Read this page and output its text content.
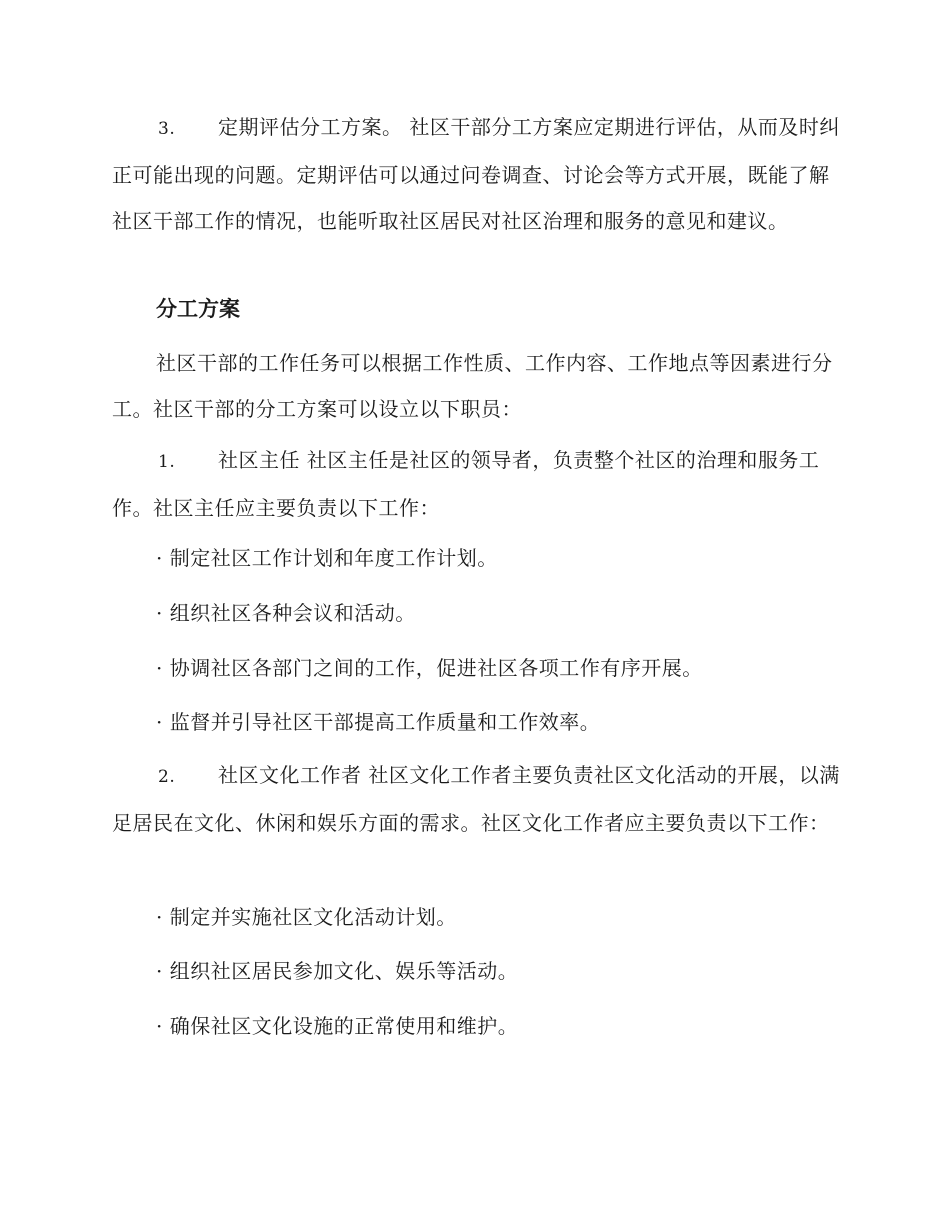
3. 定期评估分工方案。 社区干部分工方案应定期进行评估，从而及时纠正可能出现的问题。定期评估可以通过问卷调查、讨论会等方式开展，既能了解社区干部工作的情况，也能听取社区居民对社区治理和服务的意见和建议。

分工方案

社区干部的工作任务可以根据工作性质、工作内容、工作地点等因素进行分工。社区干部的分工方案可以设立以下职员：

1. 社区主任 社区主任是社区的领导者，负责整个社区的治理和服务工作。社区主任应主要负责以下工作：

· 制定社区工作计划和年度工作计划。

· 组织社区各种会议和活动。

· 协调社区各部门之间的工作，促进社区各项工作有序开展。

· 监督并引导社区干部提高工作质量和工作效率。

2. 社区文化工作者 社区文化工作者主要负责社区文化活动的开展，以满足居民在文化、休闲和娱乐方面的需求。社区文化工作者应主要负责以下工作：

· 制定并实施社区文化活动计划。

· 组织社区居民参加文化、娱乐等活动。

· 确保社区文化设施的正常使用和维护。
